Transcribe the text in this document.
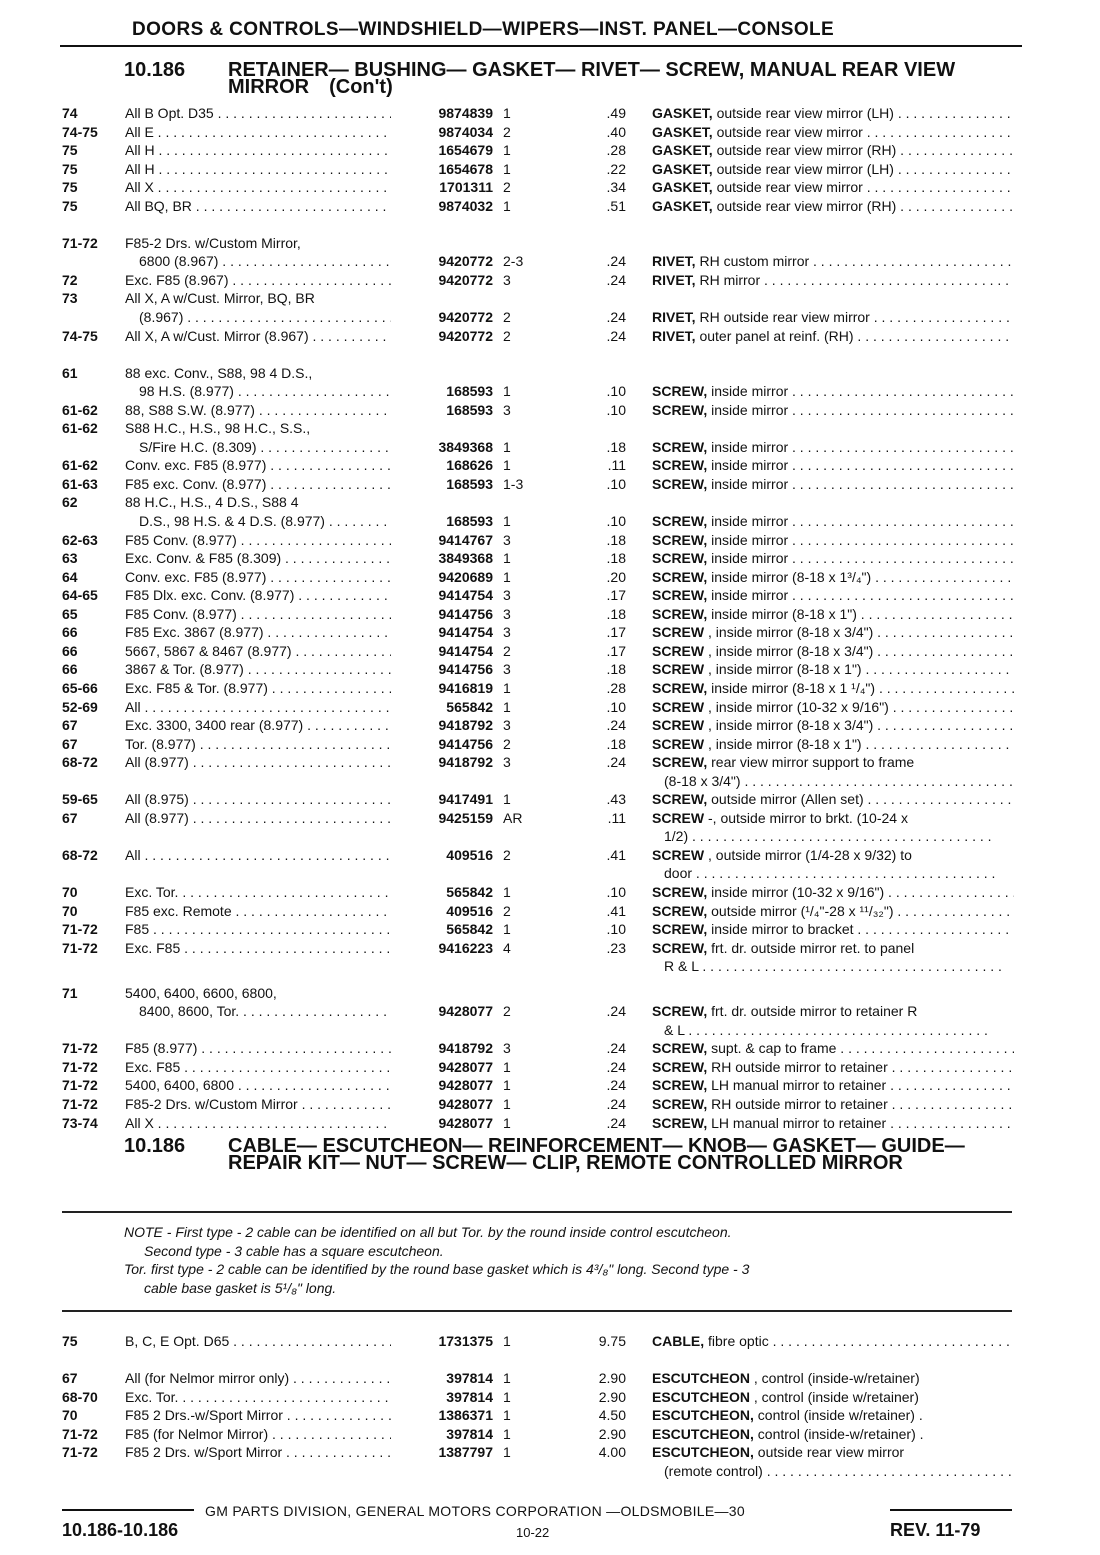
DOORS & CONTROLS—WINDSHIELD—WIPERS—INST. PANEL—CONSOLE
10.186 RETAINER— BUSHING— GASKET— RIVET— SCREW, MANUAL REAR VIEW MIRROR (Con't)
74	All B Opt. D35 . . .	9874839 1	.49 GASKET, outside rear view mirror (LH) . . .
74-75 All E . . .	9874034 2	.40 GASKET, outside rear view mirror . . .
75	All H . . .	1654679 1	.28 GASKET, outside rear view mirror (RH) . . .
75	All H . . .	1654678 1	.22 GASKET, outside rear view mirror (LH) . . .
75	All X . . .	1701311 2	.34 GASKET, outside rear view mirror . . .
75	All BQ, BR . . .	9874032 1	.51 GASKET, outside rear view mirror (RH) . . .
71-72 F85-2 Drs. w/Custom Mirror,
6800 (8.967) . . .	9420772 2-3	.24 RIVET, RH custom mirror . . .
72	Exc. F85 (8.967) . . .	9420772 3	.24 RIVET, RH mirror . . .
73	All X, A w/Cust. Mirror, BQ, BR
(8.967) . . .	9420772 2	.24 RIVET, RH outside rear view mirror . . .
74-75 All X, A w/Cust. Mirror (8.967) . . .	9420772 2	.24 RIVET, outer panel at reinf. (RH) . . .
61	88 exc. Conv., S88, 98 4 D.S.,
98 H.S. (8.977) . . .	168593 1	.10 SCREW, inside mirror . . .
61-62 88, S88 S.W. (8.977) . . .	168593 3	.10 SCREW, inside mirror . . .
61-62 S88 H.C., H.S., 98 H.C., S.S.,
S/Fire H.C. (8.309) . . .	3849368 1	.18 SCREW, inside mirror . . .
61-62 Conv. exc. F85 (8.977) . . .	168626 1	.11 SCREW, inside mirror . . .
61-63 F85 exc. Conv. (8.977) . . .	168593 1-3	.10 SCREW, inside mirror . . .
62	88 H.C., H.S., 4 D.S., S88 4
D.S., 98 H.S. & 4 D.S. (8.977) . . .	168593 1	.10 SCREW, inside mirror . . .
62-63 F85 Conv. (8.977) . . .	9414767 3	.18 SCREW, inside mirror . . .
63	Exc. Conv. & F85 (8.309) . . .	3849368 1	.18 SCREW, inside mirror . . .
64	Conv. exc. F85 (8.977) . . .	9420689 1	.20 SCREW, inside mirror (8-18 x 1³/₄") . . .
64-65 F85 Dlx. exc. Conv. (8.977) . . .	9414754 3	.17 SCREW, inside mirror . . .
65	F85 Conv. (8.977) . . .	9414756 3	.18 SCREW, inside mirror (8-18 x 1") . . .
66	F85 Exc. 3867 (8.977) . . .	9414754 3	.17 SCREW , inside mirror (8-18 x 3/4") . . .
66	5667, 5867 & 8467 (8.977) . . .	9414754 2	.17 SCREW , inside mirror (8-18 x 3/4") . . .
66	3867 & Tor. (8.977) . . .	9414756 3	.18 SCREW , inside mirror (8-18 x 1") . . .
65-66 Exc. F85 & Tor. (8.977) . . .	9416819 1	.28 SCREW, inside mirror (8-18 x 1 ¹/₄") . . .
52-69 All . . .	565842 1	.10 SCREW , inside mirror (10-32 x 9/16") . . .
67	Exc. 3300, 3400 rear (8.977) . . .	9418792 3	.24 SCREW , inside mirror (8-18 x 3/4") . . .
67	Tor. (8.977) . . .	9414756 2	.18 SCREW , inside mirror (8-18 x 1") . . .
68-72 All (8.977) . . .	9418792 3	.24 SCREW, rear view mirror support to frame
(8-18 x 3/4") . . .
59-65 All (8.975) . . .	9417491 1	.43 SCREW, outside mirror (Allen set) . . .
67	All (8.977) . . .	9425159 AR	.11 SCREW -, outside mirror to brkt. (10-24 x
1/2) . . .
68-72 All . . .	409516 2	.41 SCREW , outside mirror (1/4-28 x 9/32) to
door . . .
70	Exc. Tor. . . .	565842 1	.10 SCREW, inside mirror (10-32 x 9/16") . . .
70	F85 exc. Remote . . .	409516 2	.41 SCREW, outside mirror (¹/₄"-28 x ¹¹/₃₂") . . .
71-72 F85 . . .	565842 1	.10 SCREW, inside mirror to bracket . . .
71-72 Exc. F85 . . .	9416223 4	.23 SCREW, frt. dr. outside mirror ret. to panel
R & L . . .
71	5400, 6400, 6600, 6800,
8400, 8600, Tor. . . .	9428077 2	.24 SCREW, frt. dr. outside mirror to retainer R
& L . . .
71-72 F85 (8.977) . . .	9418792 3	.24 SCREW, supt. & cap to frame . . .
71-72 Exc. F85 . . .	9428077 1	.24 SCREW, RH outside mirror to retainer . . .
71-72 5400, 6400, 6800 . . .	9428077 1	.24 SCREW, LH manual mirror to retainer . . .
71-72 F85-2 Drs. w/Custom Mirror . . .	9428077 1	.24 SCREW, RH outside mirror to retainer . . .
73-74 All X . . .	9428077 1	.24 SCREW, LH manual mirror to retainer . . .
10.186 CABLE— ESCUTCHEON— REINFORCEMENT— KNOB— GASKET— GUIDE— REPAIR KIT— NUT— SCREW— CLIP, REMOTE CONTROLLED MIRROR

NOTE - First type - 2 cable can be identified on all but Tor. by the round inside control escutcheon.

Second type - 3 cable has a square escutcheon.

Tor. first type - 2 cable can be identified by the round base gasket which is 4³/₈" long. Second type - 3

cable base gasket is 5¹/₈" long.

75	B, C, E Opt. D65 . . .	1731375 1	9.75 CABLE, fibre optic . . .
67	All (for Nelmor mirror only) . . .	397814 1	2.90 ESCUTCHEON , control (inside-w/retainer)
68-70 Exc. Tor. . . .	397814 1	2.90 ESCUTCHEON , control (inside w/retainer)
70	F85 2 Drs.-w/Sport Mirror . . .	1386371 1	4.50 ESCUTCHEON, control (inside w/retainer) .
71-72 F85 (for Nelmor Mirror) . . .	397814 1	2.90 ESCUTCHEON, control (inside-w/retainer) .
71-72 F85 2 Drs. w/Sport Mirror . . .	1387797 1	4.00 ESCUTCHEON, outside rear view mirror
(remote control) . . .
GM PARTS DIVISION, GENERAL MOTORS CORPORATION —OLDSMOBILE—30
10.186-10.186	10-22	REV. 11-79
